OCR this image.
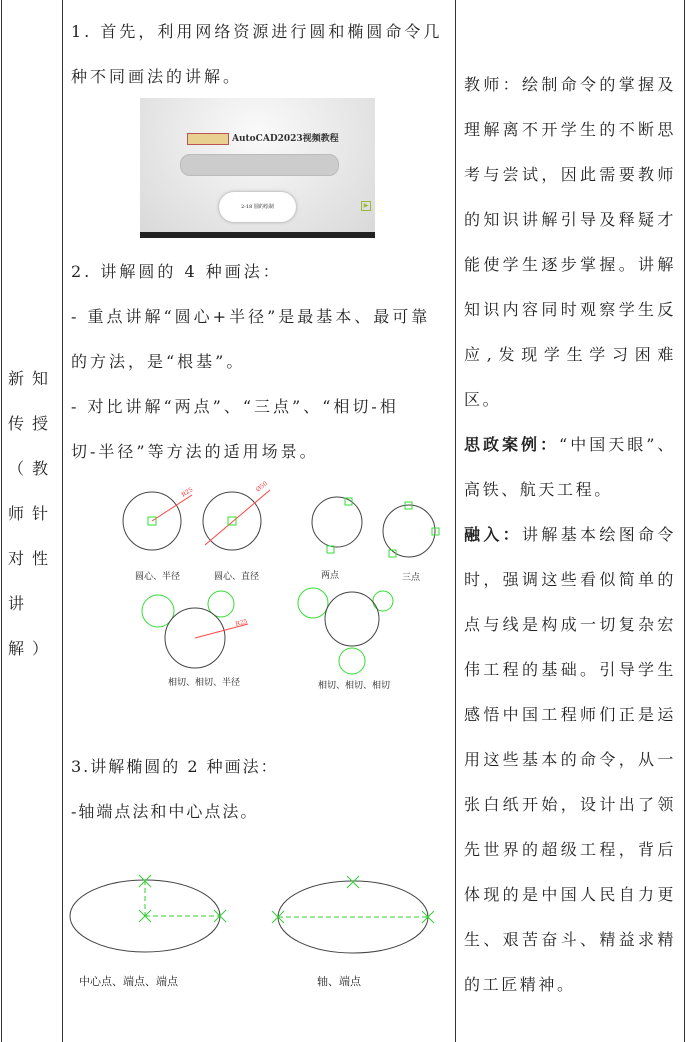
新知
传授
（教
师针
对性
讲
解）
1. 首先，利用网络资源进行圆和椭圆命令几
种不同画法的讲解。
AutoCAD2023视频教程
2-18 圆的绘制	▶
2. 讲解圆的 4 种画法：
- 重点讲解“圆心+半径”是最基本、最可靠
的方法，是“根基”。
- 对比讲解“两点”、“三点”、“相切-相
切-半径”等方法的适用场景。
R25	Ø50
R25
圆心、半径	圆心、直径	两点	三点
相切、相切、半径	相切、相切、相切
中心点、端点、端点	轴、端点
3.讲解椭圆的 2 种画法：
-轴端点法和中心点法。
教师：绘制命令的掌握及理解离不开学生的不断思考与尝试，因此需要教师的知识讲解引导及释疑才能使学生逐步掌握。讲解知识内容同时观察学生反应,发现学生学习困难区。
思政案例：“中国天眼”、高铁、航天工程。
融入：讲解基本绘图命令时，强调这些看似简单的点与线是构成一切复杂宏伟工程的基础。引导学生感悟中国工程师们正是运用这些基本的命令，从一张白纸开始，设计出了领先世界的超级工程，背后体现的是中国人民自力更生、艰苦奋斗、精益求精的工匠精神。
